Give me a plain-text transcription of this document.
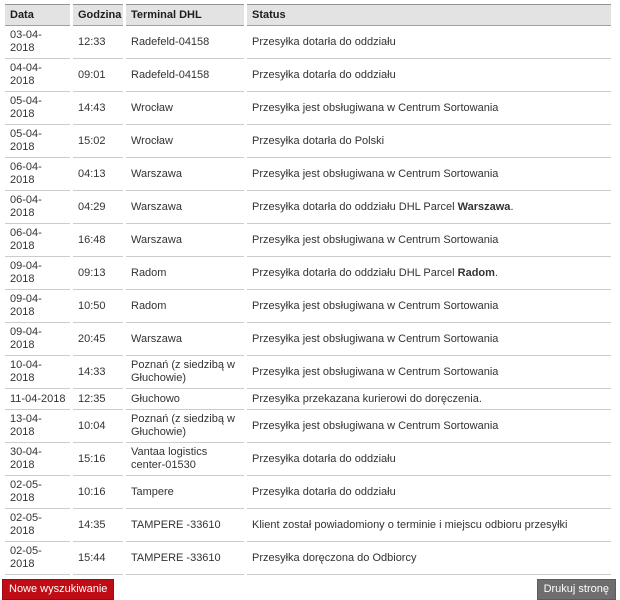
Data	Godzina	Terminal DHL	Status
03-04-2018	12:33	Radefeld-04158	Przesyłka dotarła do oddziału
04-04-2018	09:01	Radefeld-04158	Przesyłka dotarła do oddziału
05-04-2018	14:43	Wrocław	Przesyłka jest obsługiwana w Centrum Sortowania
05-04-2018	15:02	Wrocław	Przesyłka dotarła do Polski
06-04-2018	04:13	Warszawa	Przesyłka jest obsługiwana w Centrum Sortowania
06-04-2018	04:29	Warszawa	Przesyłka dotarła do oddziału DHL Parcel Warszawa.
06-04-2018	16:48	Warszawa	Przesyłka jest obsługiwana w Centrum Sortowania
09-04-2018	09:13	Radom	Przesyłka dotarła do oddziału DHL Parcel Radom.
09-04-2018	10:50	Radom	Przesyłka jest obsługiwana w Centrum Sortowania
09-04-2018	20:45	Warszawa	Przesyłka jest obsługiwana w Centrum Sortowania
10-04-2018	14:33	Poznań (z siedzibą w Głuchowie)	Przesyłka jest obsługiwana w Centrum Sortowania
11-04-2018	12:35	Głuchowo	Przesyłka przekazana kurierowi do doręczenia.
13-04-2018	10:04	Poznań (z siedzibą w Głuchowie)	Przesyłka jest obsługiwana w Centrum Sortowania
30-04-2018	15:16	Vantaa logistics center-01530	Przesyłka dotarła do oddziału
02-05-2018	10:16	Tampere	Przesyłka dotarła do oddziału
02-05-2018	14:35	TAMPERE -33610	Klient został powiadomiony o terminie i miejscu odbioru przesyłki
02-05-2018	15:44	TAMPERE -33610	Przesyłka doręczona do Odbiorcy
Nowe wyszukiwanie	Drukuj stronę
